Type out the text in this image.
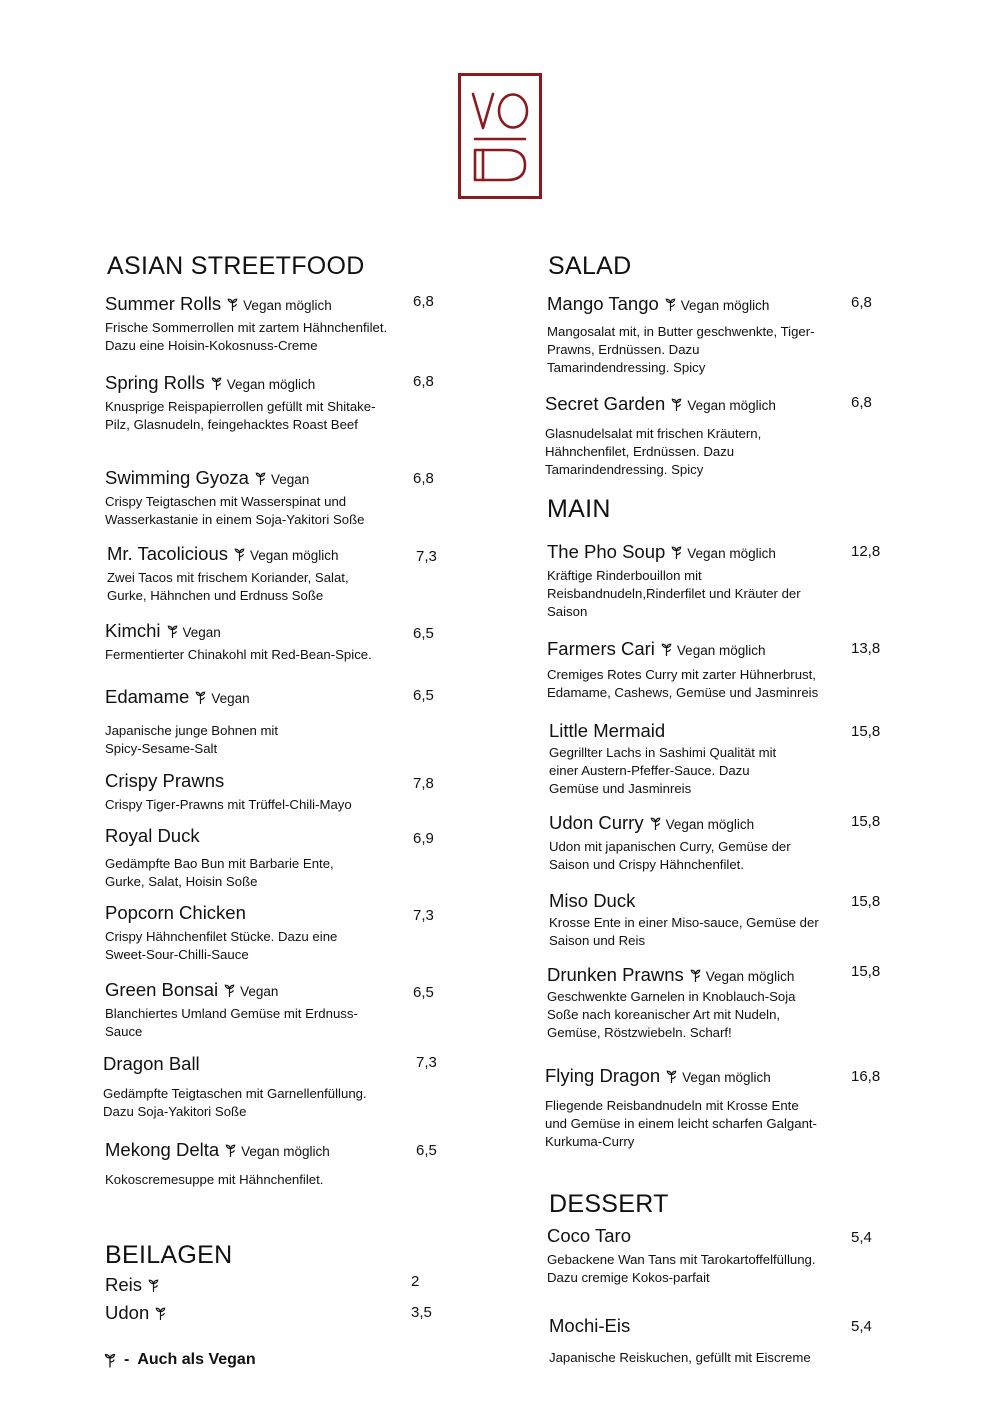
ASIAN STREETFOOD
Summer Rolls Vegan möglich
Frische Sommerrollen mit zartem Hähnchenfilet.
Dazu eine Hoisin-Kokosnuss-Creme
6,8
Spring Rolls Vegan möglich
Knusprige Reispapierrollen gefüllt mit Shitake-
Pilz, Glasnudeln, feingehacktes Roast Beef
6,8
Swimming Gyoza Vegan
Crispy Teigtaschen mit Wasserspinat und
Wasserkastanie in einem Soja-Yakitori Soße
6,8
Mr. Tacolicious Vegan möglich
Zwei Tacos mit frischem Koriander, Salat,
Gurke, Hähnchen und Erdnuss Soße
7,3
Kimchi Vegan
Fermentierter Chinakohl mit Red-Bean-Spice.
6,5
Edamame Vegan
Japanische junge Bohnen mit
Spicy-Sesame-Salt
6,5
Crispy Prawns
Crispy Tiger-Prawns mit Trüffel-Chili-Mayo
7,8
Royal Duck
Gedämpfte Bao Bun mit Barbarie Ente,
Gurke, Salat, Hoisin Soße
6,9
Popcorn Chicken
Crispy Hähnchenfilet Stücke. Dazu eine
Sweet-Sour-Chilli-Sauce
7,3
Green Bonsai Vegan
Blanchiertes Umland Gemüse mit Erdnuss-
Sauce
6,5
Dragon Ball
Gedämpfte Teigtaschen mit Garnellenfüllung.
Dazu Soja-Yakitori Soße
7,3
Mekong Delta Vegan möglich
Kokoscremesuppe mit Hähnchenfilet.
6,5
BEILAGEN
Reis	2
Udon	3,5
SALAD
Mango Tango Vegan möglich
Mangosalat mit, in Butter geschwenkte, Tiger-
Prawns, Erdnüssen. Dazu
Tamarindendressing. Spicy
6,8
Secret Garden Vegan möglich
Glasnudelsalat mit frischen Kräutern,
Hähnchenfilet, Erdnüssen. Dazu
Tamarindendressing. Spicy
6,8
MAIN
The Pho Soup Vegan möglich
Kräftige Rinderbouillon mit
Reisbandnudeln,Rinderfilet und Kräuter der
Saison
12,8
Farmers Cari Vegan möglich
Cremiges Rotes Curry mit zarter Hühnerbrust,
Edamame, Cashews, Gemüse und Jasminreis
13,8
Little Mermaid
Gegrillter Lachs in Sashimi Qualität mit
einer Austern-Pfeffer-Sauce. Dazu
Gemüse und Jasminreis
15,8
Udon Curry Vegan möglich
Udon mit japanischen Curry, Gemüse der
Saison und Crispy Hähnchenfilet.
15,8
Miso Duck
Krosse Ente in einer Miso-sauce, Gemüse der
Saison und Reis
15,8
Drunken Prawns Vegan möglich
Geschwenkte Garnelen in Knoblauch-Soja
Soße nach koreanischer Art mit Nudeln,
Gemüse, Röstzwiebeln. Scharf!
15,8
Flying Dragon Vegan möglich
Fliegende Reisbandnudeln mit Krosse Ente
und Gemüse in einem leicht scharfen Galgant-
Kurkuma-Curry
16,8
DESSERT
Coco Taro
Gebackene Wan Tans mit Tarokartoffelfüllung.
Dazu cremige Kokos-parfait
5,4
Mochi-Eis
Japanische Reiskuchen, gefüllt mit Eiscreme
5,4
- Auch als Vegan
